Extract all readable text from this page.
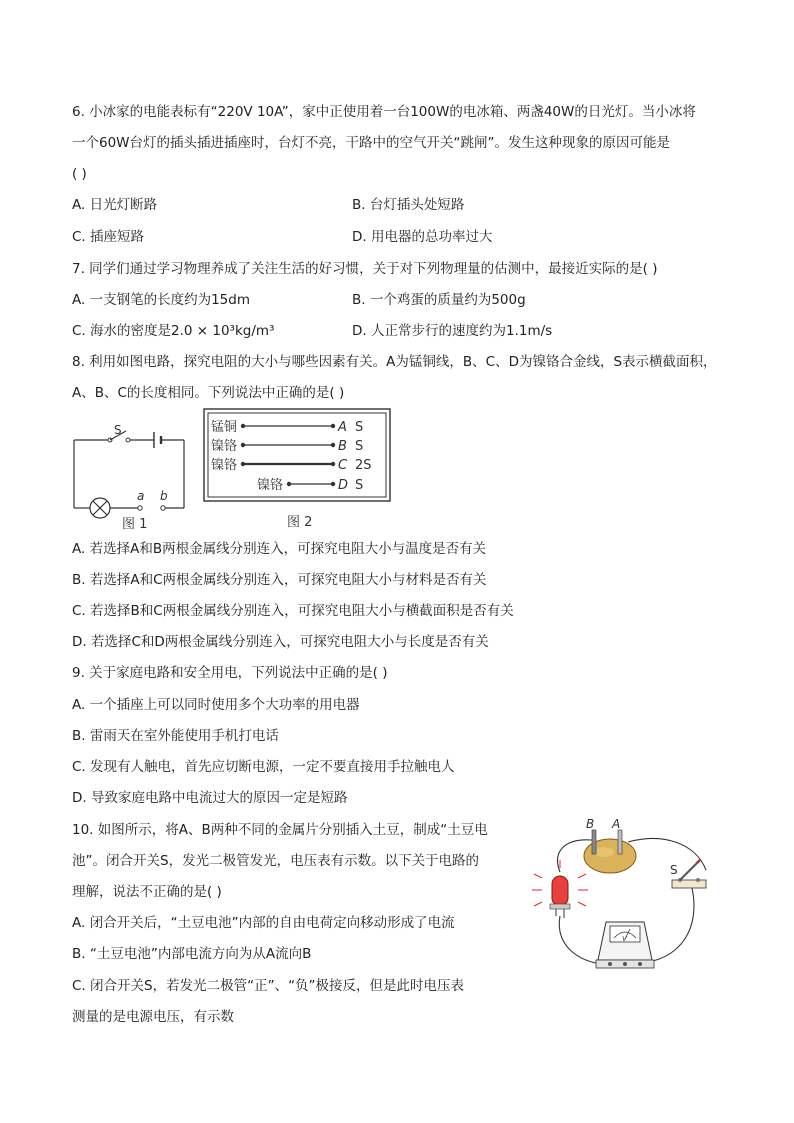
6. 小冰家的电能表标有“220V 10A”，家中正使用着一台100W的电冰箱、两盏40W的日光灯。当小冰将
一个60W台灯的插头插进插座时，台灯不亮，干路中的空气开关“跳闸”。发生这种现象的原因可能是
( )
A. 日光灯断路	B. 台灯插头处短路
C. 插座短路	D. 用电器的总功率过大
7. 同学们通过学习物理养成了关注生活的好习惯，关于对下列物理量的估测中，最接近实际的是( )
A. 一支钢笔的长度约为15dm	B. 一个鸡蛋的质量约为500g
C. 海水的密度是2.0 × 10³kg/m³	D. 人正常步行的速度约为1.1m/s
8. 利用如图电路，探究电阻的大小与哪些因素有关。A为锰铜线，B、C、D为镍铬合金线，S表示横截面积，
A、B、C的长度相同。下列说法中正确的是( )
S
a b
图 1
锰铜
镍铬
镍铬
镍铬
A
B
C
D
S
S
2S
S
图 2
A. 若选择A和B两根金属线分别连入，可探究电阻大小与温度是否有关
B. 若选择A和C两根金属线分别连入，可探究电阻大小与材料是否有关
C. 若选择B和C两根金属线分别连入，可探究电阻大小与横截面积是否有关
D. 若选择C和D两根金属线分别连入，可探究电阻大小与长度是否有关
9. 关于家庭电路和安全用电，下列说法中正确的是( )
A. 一个插座上可以同时使用多个大功率的用电器
B. 雷雨天在室外能使用手机打电话
C. 发现有人触电，首先应切断电源，一定不要直接用手拉触电人
D. 导致家庭电路中电流过大的原因一定是短路
10. 如图所示，将A、B两种不同的金属片分别插入土豆，制成“土豆电
池”。闭合开关S，发光二极管发光，电压表有示数。以下关于电路的
理解，说法不正确的是( )
A. 闭合开关后，“土豆电池”内部的自由电荷定向移动形成了电流
B. “土豆电池”内部电流方向为从A流向B
C. 闭合开关S，若发光二极管“正”、“负”极接反，但是此时电压表
测量的是电源电压，有示数
B A
S
V
